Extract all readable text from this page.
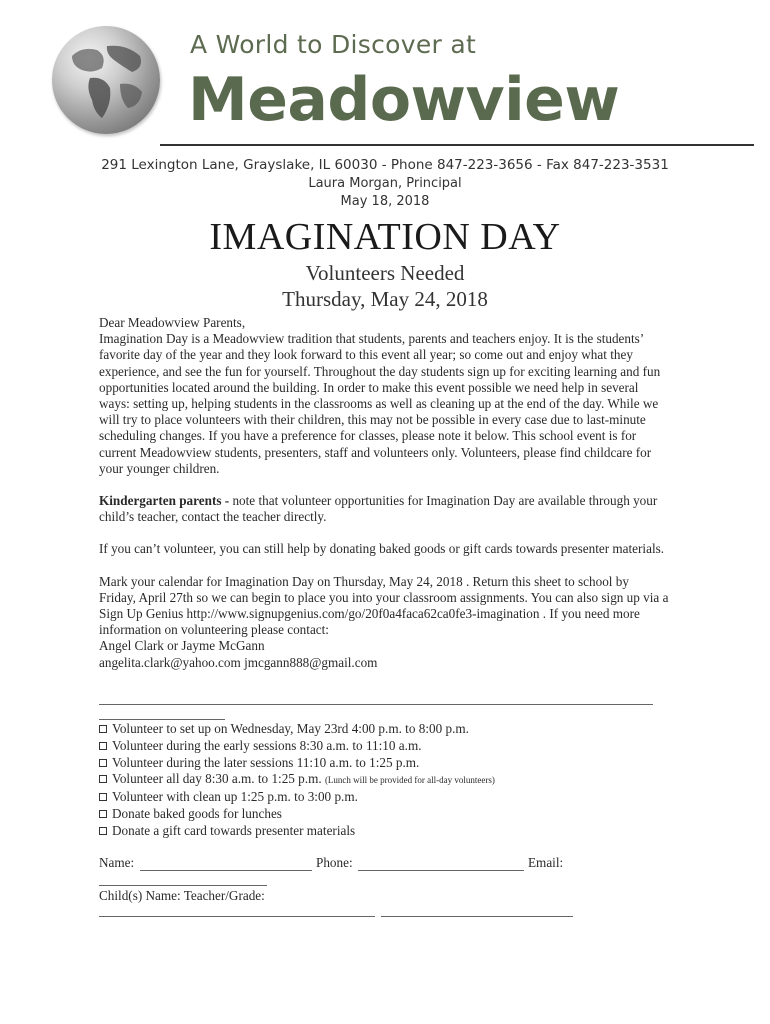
A World to Discover at
Meadowview
291 Lexington Lane, Grayslake, IL 60030 - Phone 847-223-3656 - Fax 847-223-3531
Laura Morgan, Principal
May 18, 2018
IMAGINATION DAY
Volunteers Needed
Thursday, May 24, 2018

Dear Meadowview Parents,

Imagination Day is a Meadowview tradition that students, parents and teachers enjoy. It is the students’ favorite day of the year and they look forward to this event all year; so come out and enjoy what they experience, and see the fun for yourself. Throughout the day students sign up for exciting learning and fun opportunities located around the building. In order to make this event possible we need help in several ways: setting up, helping students in the classrooms as well as cleaning up at the end of the day. While we will try to place volunteers with their children, this may not be possible in every case due to last-minute scheduling changes. If you have a preference for classes, please note it below. This school event is for current Meadowview students, presenters, staff and volunteers only. Volunteers, please find childcare for your younger children.

Kindergarten parents - note that volunteer opportunities for Imagination Day are available through your child’s teacher, contact the teacher directly.

If you can’t volunteer, you can still help by donating baked goods or gift cards towards presenter materials.

Mark your calendar for Imagination Day on Thursday, May 24, 2018 . Return this sheet to school by Friday, April 27th so we can begin to place you into your classroom assignments. You can also sign up via a Sign Up Genius http://www.signupgenius.com/go/20f0a4faca62ca0fe3-imagination . If you need more information on volunteering please contact:

Angel Clark or Jayme McGann

angelita.clark@yahoo.com jmcgann888@gmail.com

Volunteer to set up on Wednesday, May 23rd 4:00 p.m. to 8:00 p.m.
Volunteer during the early sessions 8:30 a.m. to 11:10 a.m.
Volunteer during the later sessions 11:10 a.m. to 1:25 p.m.
Volunteer all day 8:30 a.m. to 1:25 p.m. (Lunch will be provided for all-day volunteers)
Volunteer with clean up 1:25 p.m. to 3:00 p.m.
Donate baked goods for lunches
Donate a gift card towards presenter materials
Name:	Phone:	Email:
Child(s) Name: Teacher/Grade:
